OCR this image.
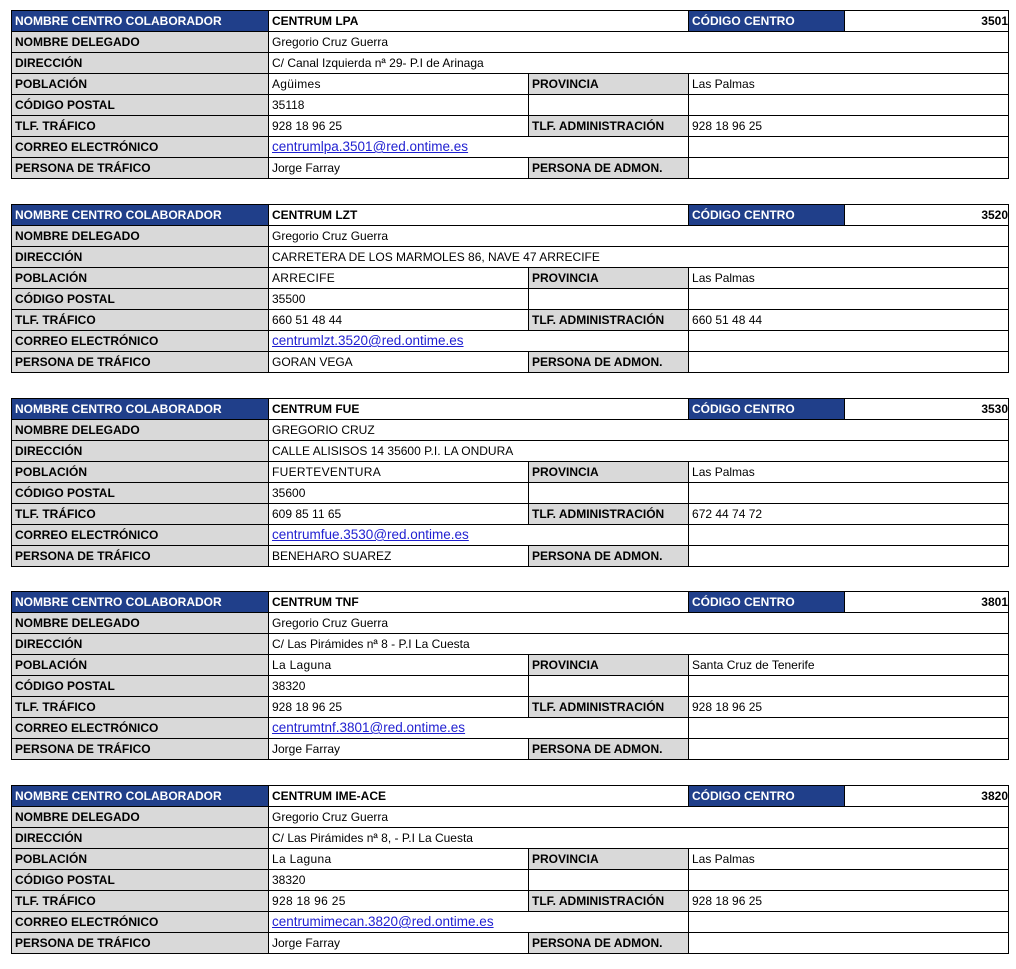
NOMBRE CENTRO COLABORADOR	CENTRUM LPA		CÓDIGO CENTRO	3501
NOMBRE DELEGADO	Gregorio Cruz Guerra			
DIRECCIÓN	C/ Canal Izquierda nª 29- P.I de Arinaga			
POBLACIÓN	Agüimes	PROVINCIA	Las Palmas	
CÓDIGO POSTAL	35118			
TLF. TRÁFICO	928 18 96 25	TLF. ADMINISTRACIÓN	928 18 96 25	
CORREO ELECTRÓNICO	centrumlpa.3501@red.ontime.es			
PERSONA DE TRÁFICO	Jorge Farray	PERSONA DE ADMON.		
NOMBRE CENTRO COLABORADOR	CENTRUM LZT		CÓDIGO CENTRO	3520
NOMBRE DELEGADO	Gregorio Cruz Guerra			
DIRECCIÓN	CARRETERA DE LOS MARMOLES 86, NAVE 47 ARRECIFE			
POBLACIÓN	ARRECIFE	PROVINCIA	Las Palmas	
CÓDIGO POSTAL	35500			
TLF. TRÁFICO	660 51 48 44	TLF. ADMINISTRACIÓN	660 51 48 44	
CORREO ELECTRÓNICO	centrumlzt.3520@red.ontime.es			
PERSONA DE TRÁFICO	GORAN VEGA	PERSONA DE ADMON.		
NOMBRE CENTRO COLABORADOR	CENTRUM FUE		CÓDIGO CENTRO	3530
NOMBRE DELEGADO	GREGORIO CRUZ			
DIRECCIÓN	CALLE ALISISOS 14 35600 P.I. LA ONDURA			
POBLACIÓN	FUERTEVENTURA	PROVINCIA	Las Palmas	
CÓDIGO POSTAL	35600			
TLF. TRÁFICO	609 85 11 65	TLF. ADMINISTRACIÓN	672 44 74 72	
CORREO ELECTRÓNICO	centrumfue.3530@red.ontime.es			
PERSONA DE TRÁFICO	BENEHARO SUAREZ	PERSONA DE ADMON.		
NOMBRE CENTRO COLABORADOR	CENTRUM TNF		CÓDIGO CENTRO	3801
NOMBRE DELEGADO	Gregorio Cruz Guerra			
DIRECCIÓN	C/ Las Pirámides nª 8 - P.I La Cuesta			
POBLACIÓN	La Laguna	PROVINCIA	Santa Cruz de Tenerife	
CÓDIGO POSTAL	38320			
TLF. TRÁFICO	928 18 96 25	TLF. ADMINISTRACIÓN	928 18 96 25	
CORREO ELECTRÓNICO	centrumtnf.3801@red.ontime.es			
PERSONA DE TRÁFICO	Jorge Farray	PERSONA DE ADMON.		
NOMBRE CENTRO COLABORADOR	CENTRUM IME-ACE		CÓDIGO CENTRO	3820
NOMBRE DELEGADO	Gregorio Cruz Guerra			
DIRECCIÓN	C/ Las Pirámides nª 8, - P.I La Cuesta			
POBLACIÓN	La Laguna	PROVINCIA	Las Palmas	
CÓDIGO POSTAL	38320			
TLF. TRÁFICO	928 18 96 25	TLF. ADMINISTRACIÓN	928 18 96 25	
CORREO ELECTRÓNICO	centrumimecan.3820@red.ontime.es			
PERSONA DE TRÁFICO	Jorge Farray	PERSONA DE ADMON.		
